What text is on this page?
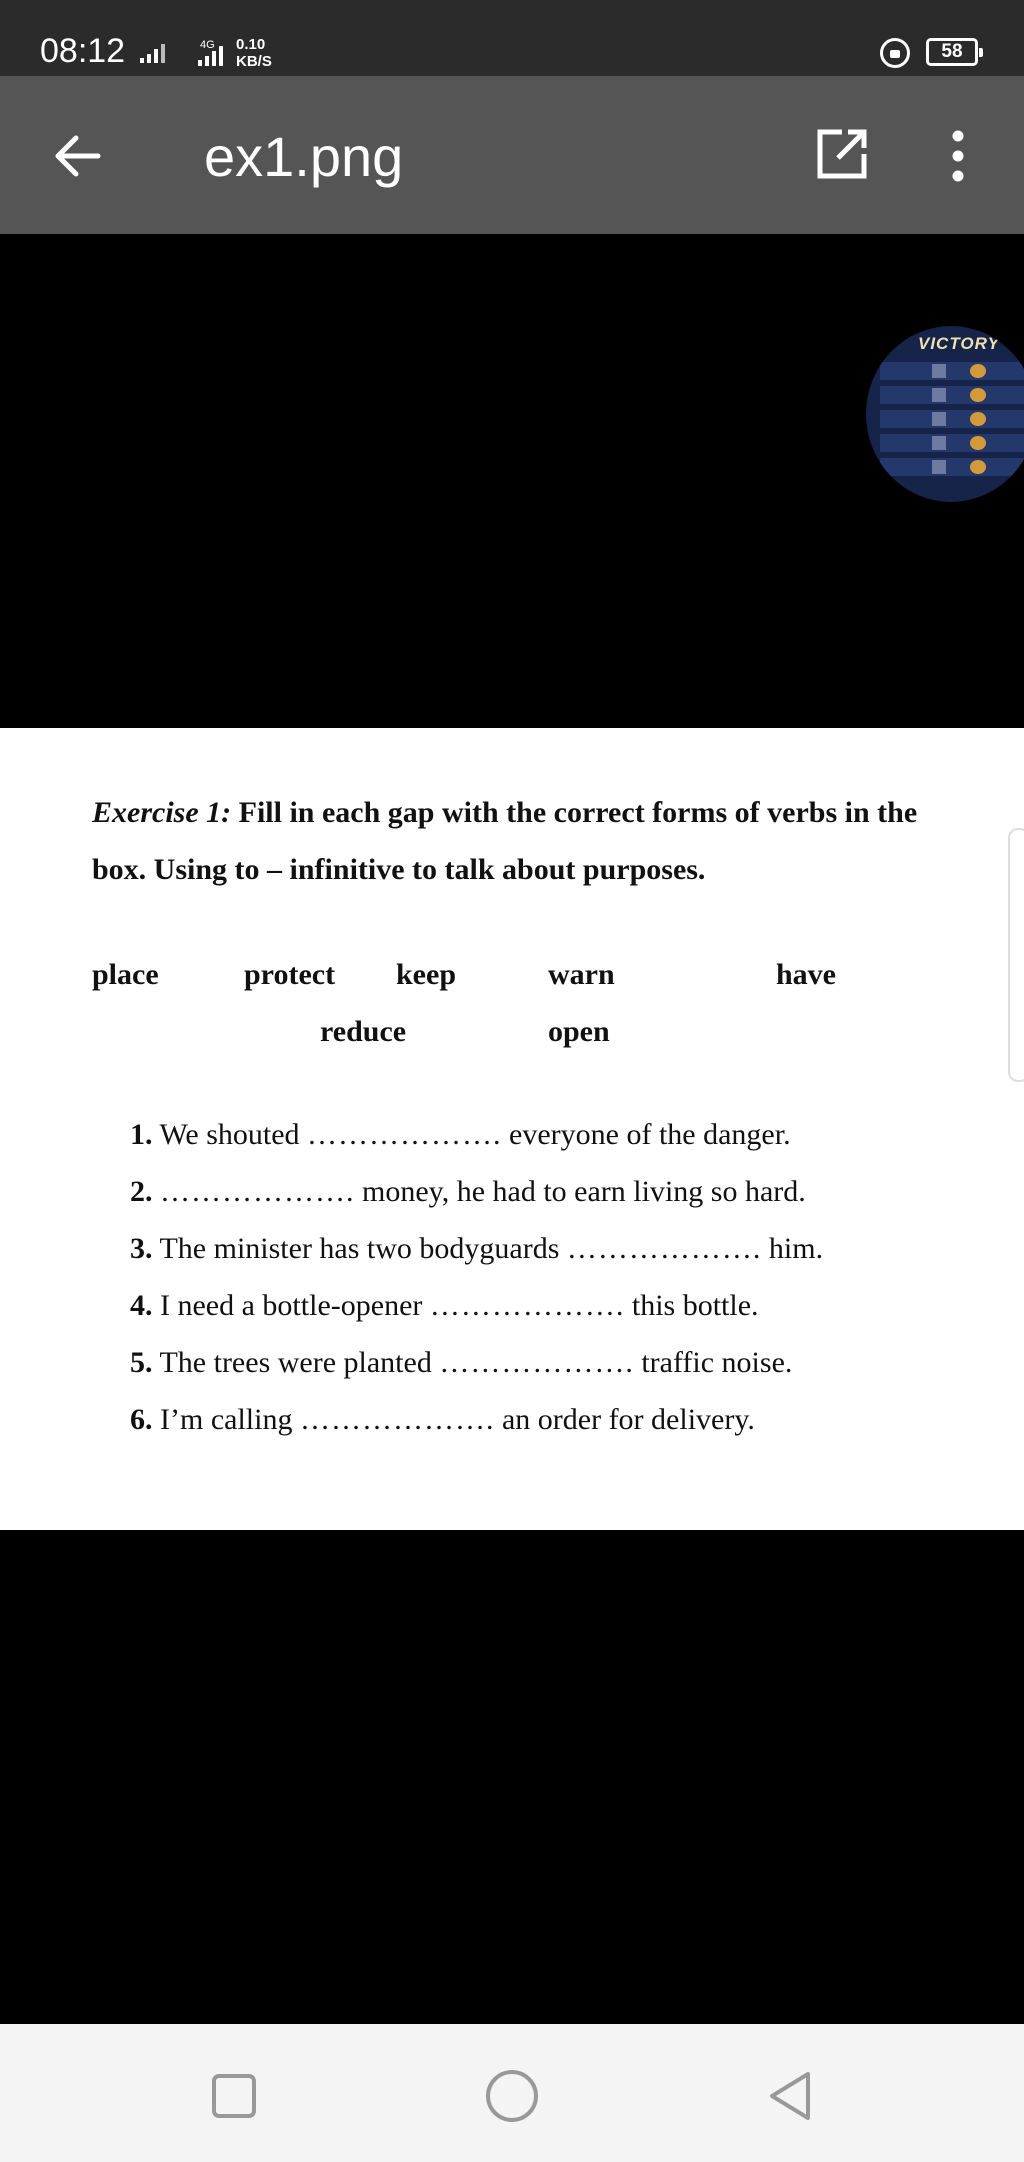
08:12	4G 0.10
KB/S	58
ex1.png
VICTORY
Exercise 1: Fill in each gap with the correct forms of verbs in the box. Using to – infinitive to talk about purposes.
place	protect keep	warn	have
reduce	open
1. We shouted ………………. everyone of the danger.
2. ………………. money, he had to earn living so hard.
3. The minister has two bodyguards ………………. him.
4. I need a bottle-opener ………………. this bottle.
5. The trees were planted ………………. traffic noise.
6. I’m calling ………………. an order for delivery.
